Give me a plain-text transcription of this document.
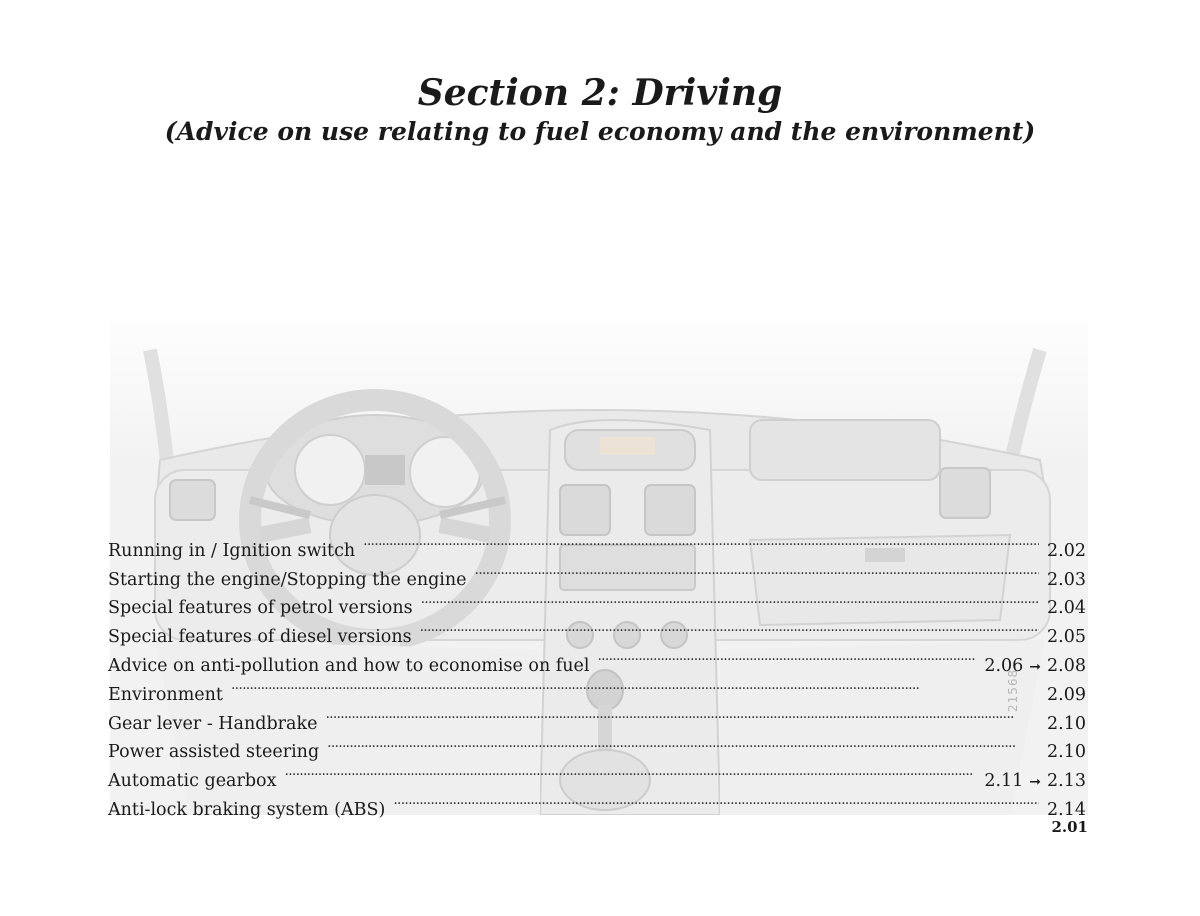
Section 2: Driving
(Advice on use relating to fuel economy and the environment)
21568
Running in / Ignition switch . . .	2.02
Starting the engine/Stopping the engine . . .	2.03
Special features of petrol versions . . .	2.04
Special features of diesel versions . . .	2.05
Advice on anti-pollution and how to economise on fuel . . .	2.06 ➞ 2.08
Environment . . .	2.09
Gear lever - Handbrake . . .	2.10
Power assisted steering . . .	2.10
Automatic gearbox . . .	2.11 ➞ 2.13
Anti-lock braking system (ABS) . . .	2.14
2.01
